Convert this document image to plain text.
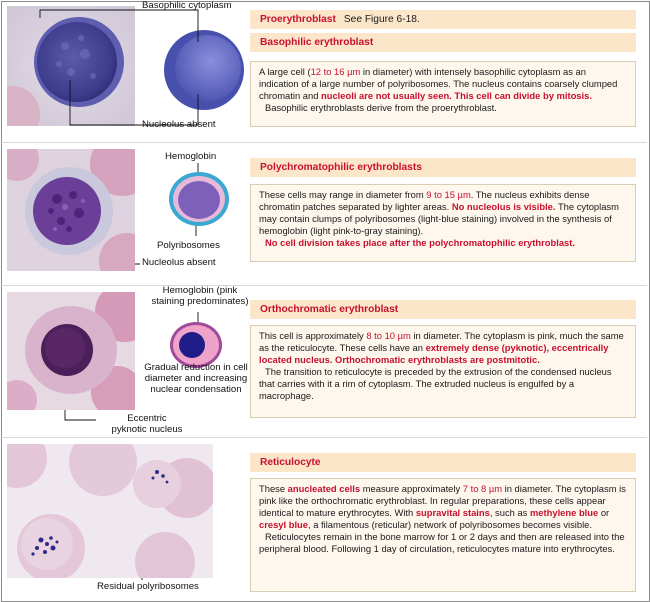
Basophilic cytoplasm
Nucleolus absent
Proerythroblast See Figure 6-18.
Basophilic erythroblast

A large cell (12 to 16 µm in diameter) with intensely basophilic cytoplasm as an indication of a large number of polyribosomes. The nucleus contains coarsely clumped chromatin and nucleoli are not usually seen. This cell can divide by mitosis.

Basophilic erythroblasts derive from the proerythroblast.

Hemoglobin
Polyribosomes
Nucleolus absent
Polychromatophilic erythroblasts

These cells may range in diameter from 9 to 15 µm. The nucleus exhibits dense chromatin patches separated by lighter areas. No nucleolus is visible. The cytoplasm may contain clumps of polyribosomes (light-blue staining) involved in the synthesis of hemoglobin (light pink-to-gray staining).

No cell division takes place after the polychromatophilic erythroblast.

Hemoglobin (pink
staining predominates)
Gradual reduction in cell
diameter and increasing
nuclear condensation
Eccentric
pyknotic nucleus
Orthochromatic erythroblast

This cell is approximately 8 to 10 µm in diameter. The cytoplasm is pink, much the same as the reticulocyte. These cells have an extremely dense (pyknotic), eccentrically located nucleus. Orthochromatic erythroblasts are postmitotic.

The transition to reticulocyte is preceded by the extrusion of the condensed nucleus that carries with it a rim of cytoplasm. The extruded nucleus is engulfed by a macrophage.

Residual polyribosomes
Reticulocyte

These anucleated cells measure approximately 7 to 8 µm in diameter. The cytoplasm is pink like the orthochromatic erythroblast. In regular preparations, these cells appear identical to mature erythrocytes. With supravital stains, such as methylene blue or cresyl blue, a filamentous (reticular) network of polyribosomes becomes visible.

Reticulocytes remain in the bone marrow for 1 or 2 days and then are released into the peripheral blood. Following 1 day of circulation, reticulocytes mature into erythrocytes.
